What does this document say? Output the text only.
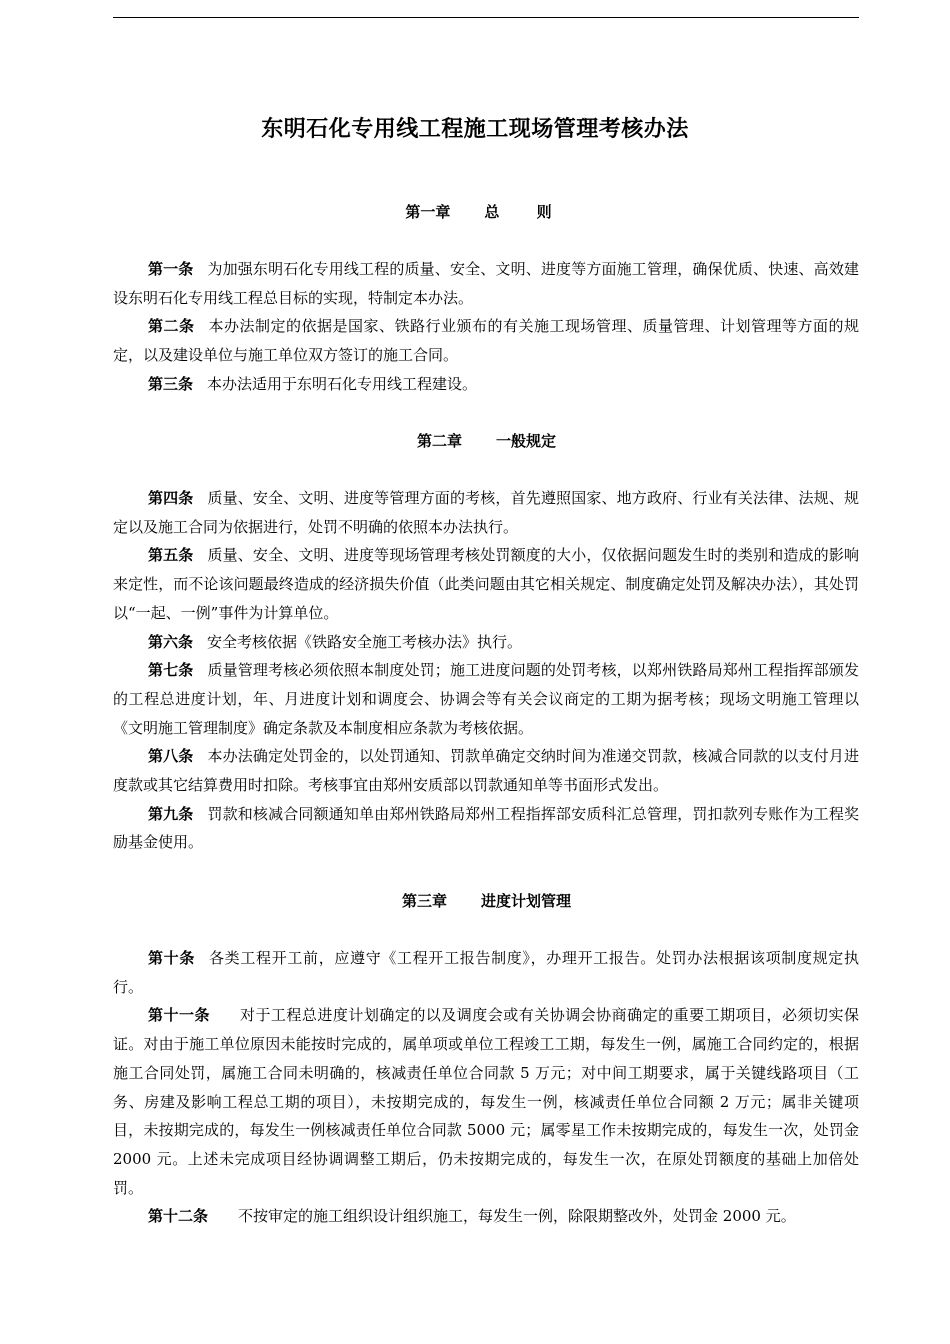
东明石化专用线工程施工现场管理考核办法
第一章 总 则

第一条 为加强东明石化专用线工程的质量、安全、文明、进度等方面施工管理，确保优质、快速、高效建设东明石化专用线工程总目标的实现，特制定本办法。

第二条 本办法制定的依据是国家、铁路行业颁布的有关施工现场管理、质量管理、计划管理等方面的规定，以及建设单位与施工单位双方签订的施工合同。

第三条 本办法适用于东明石化专用线工程建设。

第二章 一般规定

第四条 质量、安全、文明、进度等管理方面的考核，首先遵照国家、地方政府、行业有关法律、法规、规定以及施工合同为依据进行，处罚不明确的依照本办法执行。

第五条 质量、安全、文明、进度等现场管理考核处罚额度的大小，仅依据问题发生时的类别和造成的影响来定性，而不论该问题最终造成的经济损失价值（此类问题由其它相关规定、制度确定处罚及解决办法），其处罚以“一起、一例”事件为计算单位。

第六条 安全考核依据《铁路安全施工考核办法》执行。

第七条 质量管理考核必须依照本制度处罚；施工进度问题的处罚考核，以郑州铁路局郑州工程指挥部颁发的工程总进度计划，年、月进度计划和调度会、协调会等有关会议商定的工期为据考核；现场文明施工管理以《文明施工管理制度》确定条款及本制度相应条款为考核依据。

第八条 本办法确定处罚金的，以处罚通知、罚款单确定交纳时间为准递交罚款，核减合同款的以支付月进度款或其它结算费用时扣除。考核事宜由郑州安质部以罚款通知单等书面形式发出。

第九条 罚款和核减合同额通知单由郑州铁路局郑州工程指挥部安质科汇总管理，罚扣款列专账作为工程奖励基金使用。

第三章 进度计划管理

第十条 各类工程开工前，应遵守《工程开工报告制度》，办理开工报告。处罚办法根据该项制度规定执行。

第十一条 对于工程总进度计划确定的以及调度会或有关协调会协商确定的重要工期项目，必须切实保证。对由于施工单位原因未能按时完成的，属单项或单位工程竣工工期，每发生一例，属施工合同约定的，根据施工合同处罚，属施工合同未明确的，核减责任单位合同款 5 万元；对中间工期要求，属于关键线路项目（工务、房建及影响工程总工期的项目），未按期完成的，每发生一例，核减责任单位合同额 2 万元；属非关键项目，未按期完成的，每发生一例核减责任单位合同款 5000 元；属零星工作未按期完成的，每发生一次，处罚金 2000 元。上述未完成项目经协调调整工期后，仍未按期完成的，每发生一次，在原处罚额度的基础上加倍处罚。

第十二条 不按审定的施工组织设计组织施工，每发生一例，除限期整改外，处罚金 2000 元。
